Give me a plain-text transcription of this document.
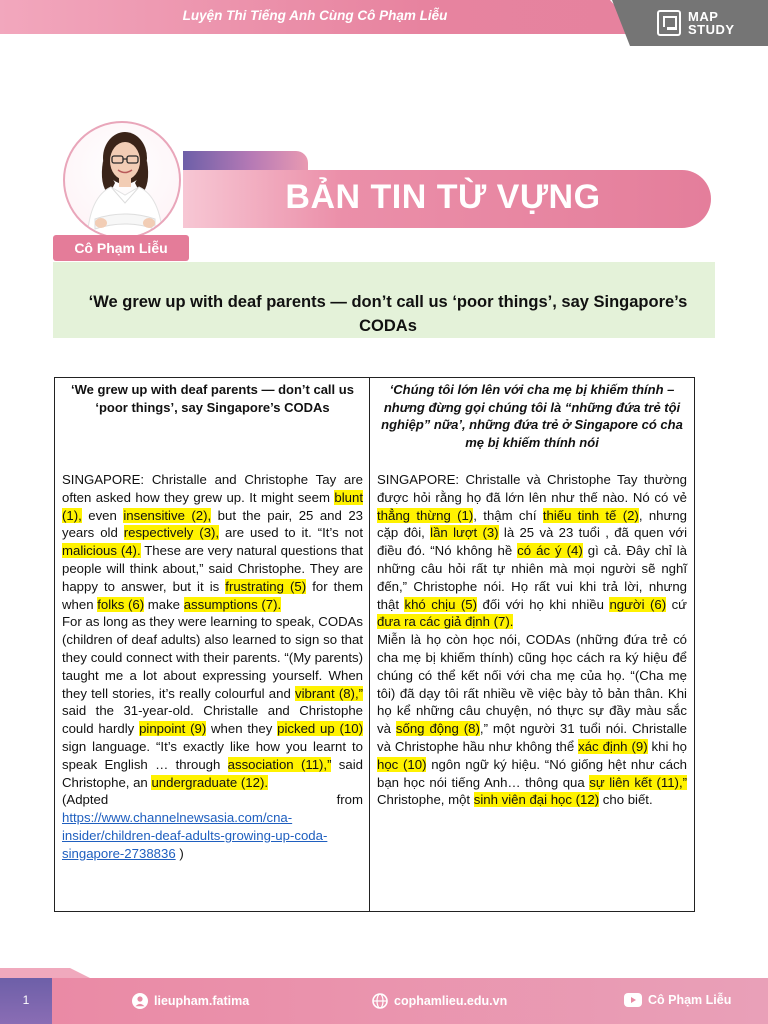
Luyện Thi Tiếng Anh Cùng Cô Phạm Liễu	MAP
STUDY
BẢN TIN TỪ VỰNG
Cô Phạm Liễu
‘We grew up with deaf parents — don’t call us ‘poor things’, say Singapore’s CODAs
‘We grew up with deaf parents — don’t call us ‘poor things’, say Singapore’s CODAs

SINGAPORE: Christalle and Christophe Tay are often asked how they grew up. It might seem blunt (1), even insensitive (2), but the pair, 25 and 23 years old respectively (3), are used to it. “It’s not malicious (4). These are very natural questions that people will think about,” said Christophe. They are happy to answer, but it is frustrating (5) for them when folks (6) make assumptions (7).

For as long as they were learning to speak, CODAs (children of deaf adults) also learned to sign so that they could connect with their parents. “(My parents) taught me a lot about expressing yourself. When they tell stories, it’s really colourful and vibrant (8),” said the 31-year-old. Christalle and Christophe could hardly pinpoint (9) when they picked up (10) sign language. “It’s exactly like how you learnt to speak English … through association (11),” said Christophe, an undergraduate (12).

(Adpted	from

https://www.channelnewsasia.com/cna-insider/children-deaf-adults-growing-up-coda-singapore-2738836 )

‘Chúng tôi lớn lên với cha mẹ bị khiếm thính – nhưng đừng gọi chúng tôi là “những đứa trẻ tội nghiệp” nữa’, những đứa trẻ ở Singapore có cha mẹ bị khiếm thính nói

SINGAPORE: Christalle và Christophe Tay thường được hỏi rằng họ đã lớn lên như thế nào. Nó có vẻ thẳng thừng (1), thậm chí thiếu tinh tế (2), nhưng cặp đôi, lần lượt (3) là 25 và 23 tuổi , đã quen với điều đó. “Nó không hề có ác ý (4) gì cả. Đây chỉ là những câu hỏi rất tự nhiên mà mọi người sẽ nghĩ đến,” Christophe nói. Họ rất vui khi trả lời, nhưng thật khó chịu (5) đối với họ khi nhiều người (6) cứ đưa ra các giả định (7).

Miễn là họ còn học nói, CODAs (những đứa trẻ có cha mẹ bị khiếm thính) cũng học cách ra ký hiệu để chúng có thể kết nối với cha mẹ của họ. “(Cha mẹ tôi) đã dạy tôi rất nhiều về việc bày tỏ bản thân. Khi họ kể những câu chuyện, nó thực sự đầy màu sắc và sống động (8),” một người 31 tuổi nói. Christalle và Christophe hầu như không thể xác định (9) khi họ học (10) ngôn ngữ ký hiệu. “Nó giống hệt như cách bạn học nói tiếng Anh… thông qua sự liên kết (11),” Christophe, một sinh viên đại học (12) cho biết.

1	lieupham.fatima	cophamlieu.edu.vn	Cô Phạm Liễu
